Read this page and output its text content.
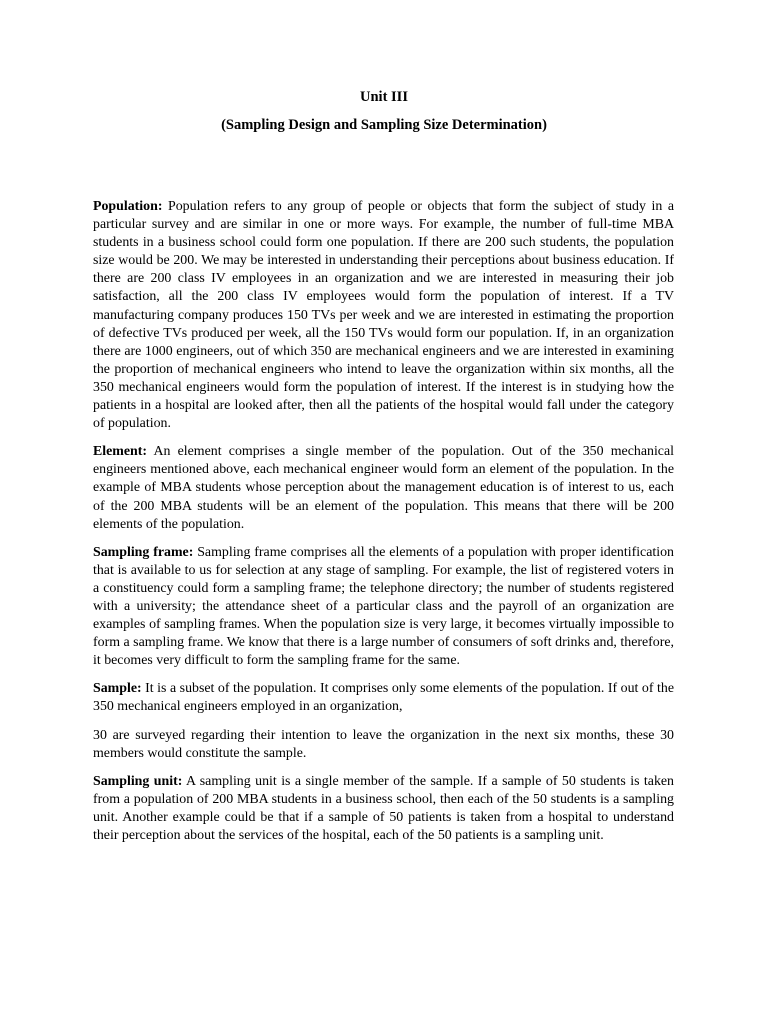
Unit III

(Sampling Design and Sampling Size Determination)

Population: Population refers to any group of people or objects that form the subject of study in a particular survey and are similar in one or more ways. For example, the number of full-time MBA students in a business school could form one population. If there are 200 such students, the population size would be 200. We may be interested in understanding their perceptions about business education. If there are 200 class IV employees in an organization and we are interested in measuring their job satisfaction, all the 200 class IV employees would form the population of interest. If a TV manufacturing company produces 150 TVs per week and we are interested in estimating the proportion of defective TVs produced per week, all the 150 TVs would form our population. If, in an organization there are 1000 engineers, out of which 350 are mechanical engineers and we are interested in examining the proportion of mechanical engineers who intend to leave the organization within six months, all the 350 mechanical engineers would form the population of interest. If the interest is in studying how the patients in a hospital are looked after, then all the patients of the hospital would fall under the category of population.

Element: An element comprises a single member of the population. Out of the 350 mechanical engineers mentioned above, each mechanical engineer would form an element of the population. In the example of MBA students whose perception about the management education is of interest to us, each of the 200 MBA students will be an element of the population. This means that there will be 200 elements of the population.

Sampling frame: Sampling frame comprises all the elements of a population with proper identification that is available to us for selection at any stage of sampling. For example, the list of registered voters in a constituency could form a sampling frame; the telephone directory; the number of students registered with a university; the attendance sheet of a particular class and the payroll of an organization are examples of sampling frames. When the population size is very large, it becomes virtually impossible to form a sampling frame. We know that there is a large number of consumers of soft drinks and, therefore, it becomes very difficult to form the sampling frame for the same.

Sample: It is a subset of the population. It comprises only some elements of the population. If out of the 350 mechanical engineers employed in an organization,

30 are surveyed regarding their intention to leave the organization in the next six months, these 30 members would constitute the sample.

Sampling unit: A sampling unit is a single member of the sample. If a sample of 50 students is taken from a population of 200 MBA students in a business school, then each of the 50 students is a sampling unit. Another example could be that if a sample of 50 patients is taken from a hospital to understand their perception about the services of the hospital, each of the 50 patients is a sampling unit.
